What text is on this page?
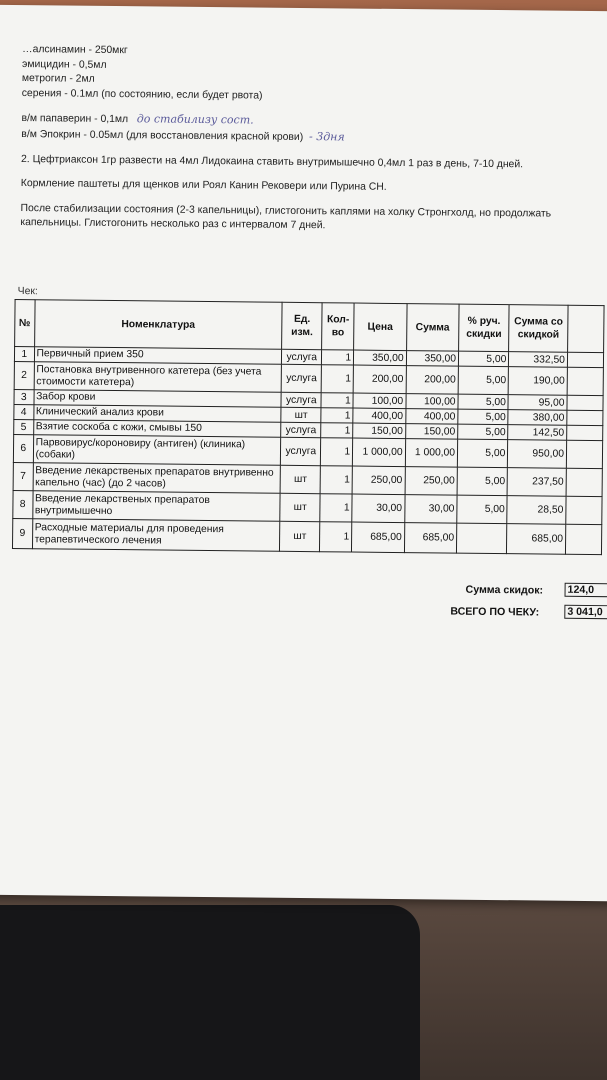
…алсинамин - 250мкг
эмицидин - 0,5мл
метрогил - 2мл
серения - 0.1мл (по состоянию, если будет рвота)
в/м папаверин - 0,1мл до стабилизу сост.
в/м Эпокрин - 0.05мл (для восстановления красной крови) - 3дня
2. Цефтриаксон 1гр развести на 4мл Лидокаина ставить внутримышечно 0,4мл 1 раз в день, 7-10 дней.
Кормление паштеты для щенков или Роял Канин Рековери или Пурина CH.
После стабилизации состояния (2-3 капельницы), глистогонить каплями на холку Стронгхолд, но продолжать капельницы. Глистогонить несколько раз с интервалом 7 дней.
Чек:
№	Номенклатура	Ед. изм.	Кол-во	Цена	Сумма	% руч. скидки	Сумма со скидкой	
1	Первичный прием 350	услуга	1	350,00	350,00	5,00	332,50	
2	Постановка внутривенного катетера (без учета стоимости катетера)	услуга	1	200,00	200,00	5,00	190,00	
3	Забор крови	услуга	1	100,00	100,00	5,00	95,00	
4	Клинический анализ крови	шт	1	400,00	400,00	5,00	380,00	
5	Взятие соскоба с кожи, смывы 150	услуга	1	150,00	150,00	5,00	142,50	
6	Парвовирус/короновиру (антиген) (клиника) (собаки)	услуга	1	1 000,00	1 000,00	5,00	950,00	
7	Введение лекарственых препаратов внутривенно капельно (час) (до 2 часов)	шт	1	250,00	250,00	5,00	237,50	
8	Введение лекарственых препаратов внутримышечно	шт	1	30,00	30,00	5,00	28,50	
9	Расходные материалы для проведения терапевтического лечения	шт	1	685,00	685,00		685,00	
Сумма скидок: 124,0
ВСЕГО ПО ЧЕКУ:	3 041,0
